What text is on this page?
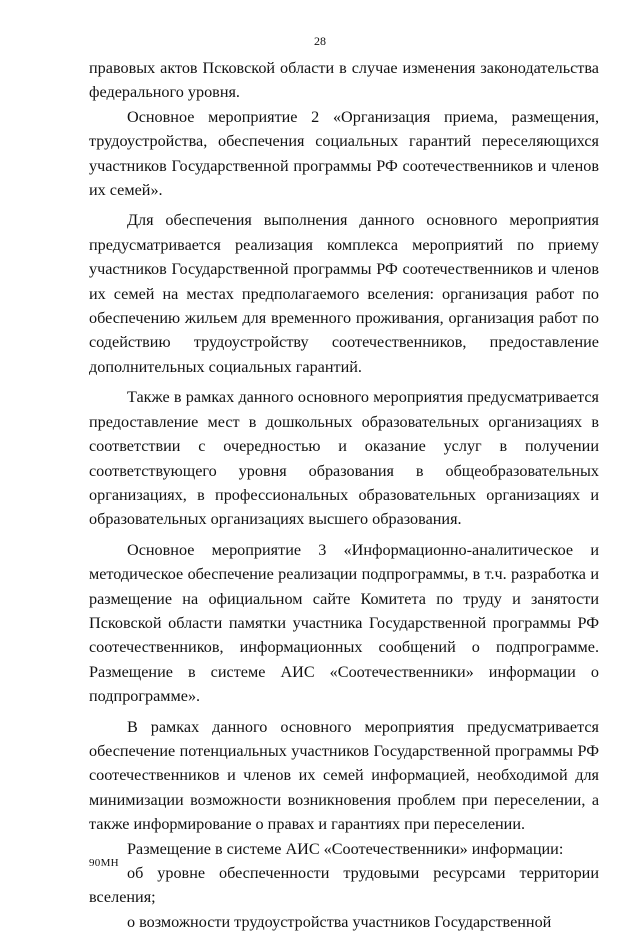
28

правовых актов Псковской области в случае изменения законодательства федерального уровня.

Основное мероприятие 2 «Организация приема, размещения, трудоустройства, обеспечения социальных гарантий переселяющихся участников Государственной программы РФ соотечественников и членов их семей».

Для обеспечения выполнения данного основного мероприятия предусматривается реализация комплекса мероприятий по приему участников Государственной программы РФ соотечественников и членов их семей на местах предполагаемого вселения: организация работ по обеспечению жильем для временного проживания, организация работ по содействию трудоустройству соотечественников, предоставление дополнительных социальных гарантий.

Также в рамках данного основного мероприятия предусматривается предоставление мест в дошкольных образовательных организациях в соответствии с очередностью и оказание услуг в получении соответствующего уровня образования в общеобразовательных организациях, в профессиональных образовательных организациях и образовательных организациях высшего образования.

Основное мероприятие 3 «Информационно-аналитическое и методическое обеспечение реализации подпрограммы, в т.ч. разработка и размещение на официальном сайте Комитета по труду и занятости Псковской области памятки участника Государственной программы РФ соотечественников, информационных сообщений о подпрограмме. Размещение в системе АИС «Соотечественники» информации о подпрограмме».

В рамках данного основного мероприятия предусматривается обеспечение потенциальных участников Государственной программы РФ соотечественников и членов их семей информацией, необходимой для минимизации возможности возникновения проблем при переселении, а также информирование о правах и гарантиях при переселении.

Размещение в системе АИС «Соотечественники» информации:

об уровне обеспеченности трудовыми ресурсами территории вселения;

о возможности трудоустройства участников Государственной

90МН
